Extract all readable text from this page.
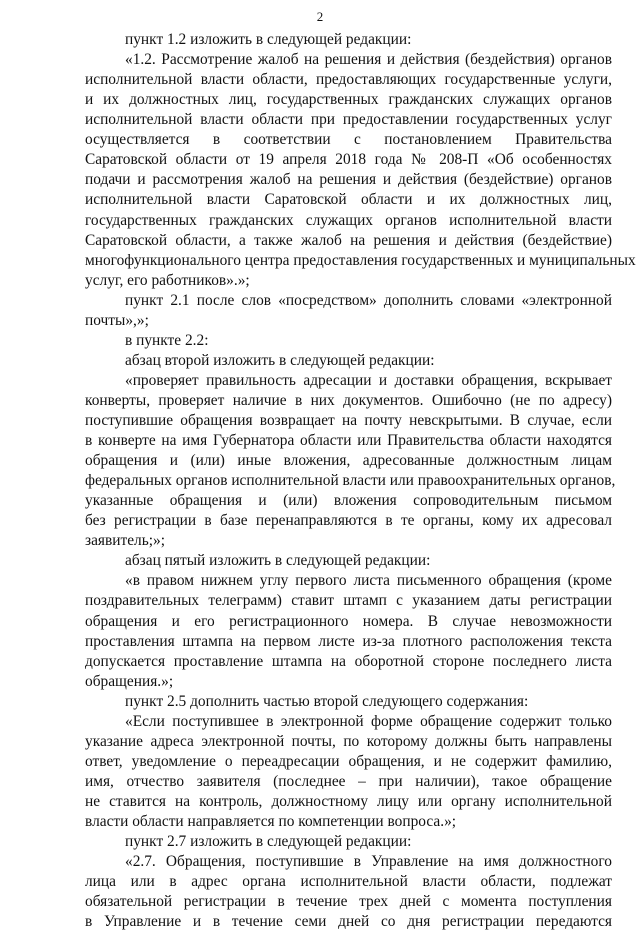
2
пункт 1.2 изложить в следующей редакции:
«1.2. Рассмотрение жалоб на решения и действия (бездействия) органов
исполнительной власти области, предоставляющих государственные услуги,
и их должностных лиц, государственных гражданских служащих органов
исполнительной власти области при предоставлении государственных услуг
осуществляется в соответствии с постановлением Правительства
Саратовской области от 19 апреля 2018 года № 208-П «Об особенностях
подачи и рассмотрения жалоб на решения и действия (бездействие) органов
исполнительной власти Саратовской области и их должностных лиц,
государственных гражданских служащих органов исполнительной власти
Саратовской области, а также жалоб на решения и действия (бездействие)
многофункционального центра предоставления государственных и муниципальных
услуг, его работников».»;
пункт 2.1 после слов «посредством» дополнить словами «электронной
почты»,»;
в пункте 2.2:
абзац второй изложить в следующей редакции:
«проверяет правильность адресации и доставки обращения, вскрывает
конверты, проверяет наличие в них документов. Ошибочно (не по адресу)
поступившие обращения возвращает на почту невскрытыми. В случае, если
в конверте на имя Губернатора области или Правительства области находятся
обращения и (или) иные вложения, адресованные должностным лицам
федеральных органов исполнительной власти или правоохранительных органов,
указанные обращения и (или) вложения сопроводительным письмом
без регистрации в базе перенаправляются в те органы, кому их адресовал
заявитель;»;
абзац пятый изложить в следующей редакции:
«в правом нижнем углу первого листа письменного обращения (кроме
поздравительных телеграмм) ставит штамп с указанием даты регистрации
обращения и его регистрационного номера. В случае невозможности
проставления штампа на первом листе из-за плотного расположения текста
допускается проставление штампа на оборотной стороне последнего листа
обращения.»;
пункт 2.5 дополнить частью второй следующего содержания:
«Если поступившее в электронной форме обращение содержит только
указание адреса электронной почты, по которому должны быть направлены
ответ, уведомление о переадресации обращения, и не содержит фамилию,
имя, отчество заявителя (последнее – при наличии), такое обращение
не ставится на контроль, должностному лицу или органу исполнительной
власти области направляется по компетенции вопроса.»;
пункт 2.7 изложить в следующей редакции:
«2.7. Обращения, поступившие в Управление на имя должностного
лица или в адрес органа исполнительной власти области, подлежат
обязательной регистрации в течение трех дней с момента поступления
в Управление и в течение семи дней со дня регистрации передаются
